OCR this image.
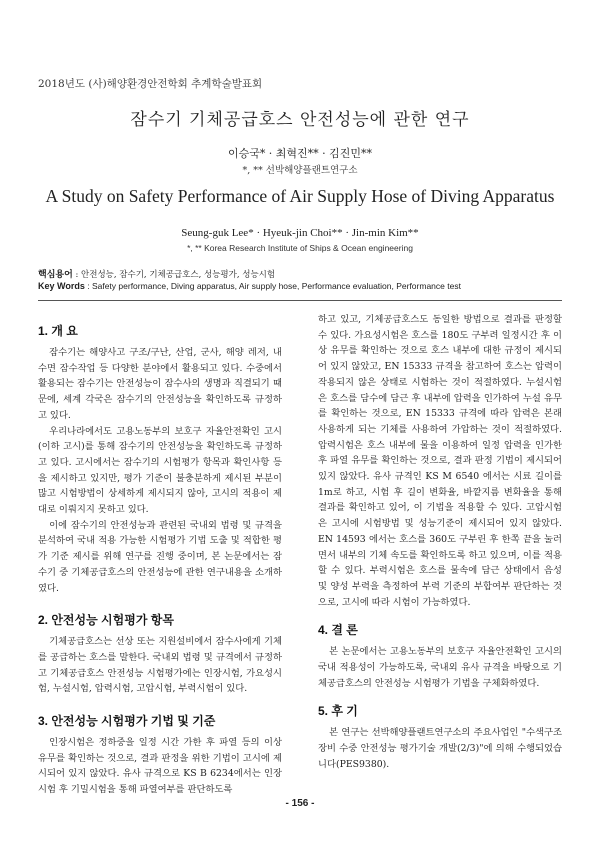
2018년도 (사)해양환경안전학회 추계학술발표회
잠수기 기체공급호스 안전성능에 관한 연구
이승국* · 최혁진** · 김진민**
*, ** 선박해양플랜트연구소
A Study on Safety Performance of Air Supply Hose of Diving Apparatus
Seung-guk Lee* · Hyeuk-jin Choi** · Jin-min Kim**
*, ** Korea Research Institute of Ships & Ocean engineering
핵심용어 : 안전성능, 잠수기, 기체공급호스, 성능평가, 성능시험
Key Words : Safety performance, Diving apparatus, Air supply hose, Performance evaluation, Performance test
1. 개 요

잠수기는 해양사고 구조/구난, 산업, 군사, 해양 레저, 내수면 잠수작업 등 다양한 분야에서 활용되고 있다. 수중에서 활용되는 잠수기는 안전성능이 잠수사의 생명과 직결되기 때문에, 세계 각국은 잠수기의 안전성능을 확인하도록 규정하고 있다.

우리나라에서도 고용노동부의 보호구 자율안전확인 고시(이하 고시)를 통해 잠수기의 안전성능을 확인하도록 규정하고 있다. 고시에서는 잠수기의 시험평가 항목과 확인사항 등을 제시하고 있지만, 평가 기준이 불충분하게 제시된 부분이 많고 시험방법이 상세하게 제시되지 않아, 고시의 적용이 제대로 이뤄지지 못하고 있다.

이에 잠수기의 안전성능과 관련된 국내외 법령 및 규격을 분석하여 국내 적용 가능한 시험평가 기법 도출 및 적합한 평가 기준 제시를 위해 연구를 진행 중이며, 본 논문에서는 잠수기 중 기체공급호스의 안전성능에 관한 연구내용을 소개하였다.

2. 안전성능 시험평가 항목

기체공급호스는 선상 또는 지원설비에서 잠수사에게 기체를 공급하는 호스를 말한다. 국내외 법령 및 규격에서 규정하고 기체공급호스 안전성능 시험평가에는 인장시험, 가요성시험, 누설시험, 압력시험, 고압시험, 부력시험이 있다.

3. 안전성능 시험평가 기법 및 기준

인장시험은 정하중을 일정 시간 가한 후 파열 등의 이상 유무를 확인하는 것으로, 결과 판정을 위한 기법이 고시에 제시되어 있지 않았다. 유사 규격으로 KS B 6234에서는 인장시험 후 기밀시험을 통해 파열여부를 판단하도록

하고 있고, 기체공급호스도 동일한 방법으로 결과를 판정할 수 있다. 가요성시험은 호스를 180도 구부려 일정시간 후 이상 유무를 확인하는 것으로 호스 내부에 대한 규정이 제시되어 있지 않았고, EN 15333 규격을 참고하여 호스는 압력이 작용되지 않은 상태로 시험하는 것이 적절하였다. 누설시험은 호스를 담수에 담근 후 내부에 압력을 인가하여 누설 유무를 확인하는 것으로, EN 15333 규격에 따라 압력은 본래 사용하게 되는 기체를 사용하여 가압하는 것이 적절하였다. 압력시험은 호스 내부에 물을 이용하여 일정 압력을 인가한 후 파열 유무를 확인하는 것으로, 결과 판정 기법이 제시되어 있지 않았다. 유사 규격인 KS M 6540 에서는 시료 길이를 1m로 하고, 시험 후 길이 변화율, 바깥지름 변화율을 통해 결과를 확인하고 있어, 이 기법을 적용할 수 있다. 고압시험은 고시에 시험방법 및 성능기준이 제시되어 있지 않았다. EN 14593 에서는 호스를 360도 구부린 후 한쪽 끝을 눌러면서 내부의 기체 속도를 확인하도록 하고 있으며, 이를 적용할 수 있다. 부력시험은 호스를 물속에 담근 상태에서 음성 및 양성 부력을 측정하여 부력 기준의 부합여부 판단하는 것으로, 고시에 따라 시험이 가능하였다.

4. 결 론

본 논문에서는 고용노동부의 보호구 자율안전확인 고시의 국내 적용성이 가능하도록, 국내외 유사 규격을 바탕으로 기체공급호스의 안전성능 시험평가 기법을 구체화하였다.

5. 후 기

본 연구는 선박해양플랜트연구소의 주요사업인 "수색구조장비 수중 안전성능 평가기술 개발(2/3)"에 의해 수행되었습니다(PES9380).

- 156 -
